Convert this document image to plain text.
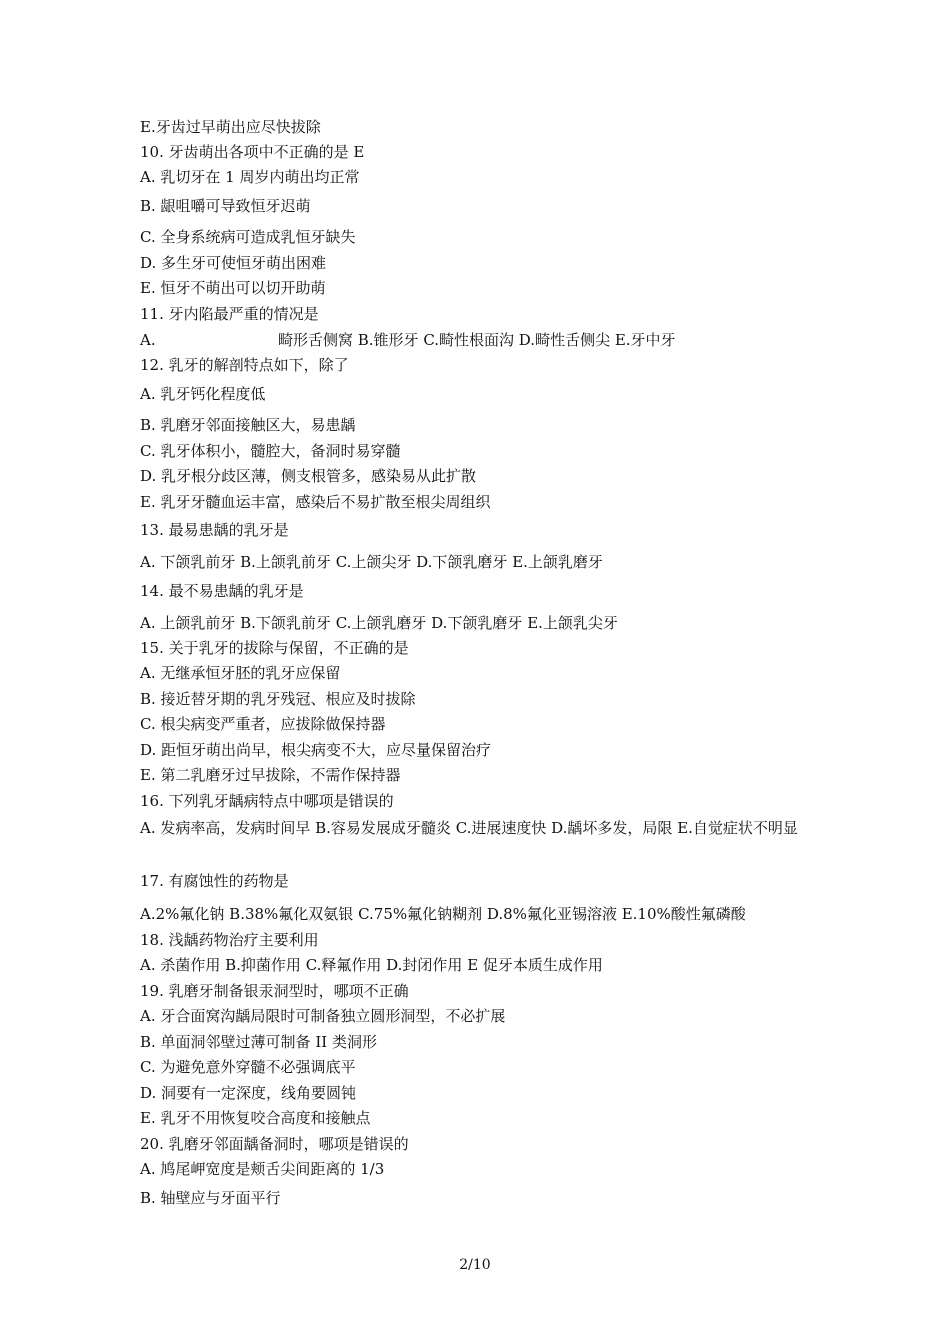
E.牙齿过早萌出应尽快拔除
10. 牙齿萌出各项中不正确的是 E
A. 乳切牙在 1 周岁内萌出均正常
B. 龈咀嚼可导致恒牙迟萌
C. 全身系统病可造成乳恒牙缺失
D. 多生牙可使恒牙萌出困难
E. 恒牙不萌出可以切开助萌
11. 牙内陷最严重的情况是
A.	畸形舌侧窝 B.锥形牙 C.畸性根面沟 D.畸性舌侧尖 E.牙中牙
12. 乳牙的解剖特点如下，除了
A. 乳牙钙化程度低
B. 乳磨牙邻面接触区大，易患龋
C. 乳牙体积小，髓腔大，备洞时易穿髓
D. 乳牙根分歧区薄，侧支根管多，感染易从此扩散
E. 乳牙牙髓血运丰富，感染后不易扩散至根尖周组织
13. 最易患龋的乳牙是
A. 下颌乳前牙 B.上颌乳前牙 C.上颌尖牙 D.下颌乳磨牙 E.上颌乳磨牙
14. 最不易患龋的乳牙是
A. 上颌乳前牙 B.下颌乳前牙 C.上颌乳磨牙 D.下颌乳磨牙 E.上颌乳尖牙
15. 关于乳牙的拔除与保留，不正确的是
A. 无继承恒牙胚的乳牙应保留
B. 接近替牙期的乳牙残冠、根应及时拔除
C. 根尖病变严重者，应拔除做保持器
D. 距恒牙萌出尚早，根尖病变不大，应尽量保留治疗
E. 第二乳磨牙过早拔除，不需作保持器
16. 下列乳牙龋病特点中哪项是错误的
A. 发病率高，发病时间早 B.容易发展成牙髓炎 C.进展速度快 D.龋坏多发，局限 E.自觉症状不明显
17. 有腐蚀性的药物是
A.2%氟化钠 B.38%氟化双氨银 C.75%氟化钠糊剂 D.8%氟化亚锡溶液 E.10%酸性氟磷酸
18. 浅龋药物治疗主要利用
A. 杀菌作用 B.抑菌作用 C.释氟作用 D.封闭作用 E 促牙本质生成作用
19. 乳磨牙制备银汞洞型时，哪项不正确
A. 牙合面窝沟龋局限时可制备独立圆形洞型，不必扩展
B. 单面洞邻壁过薄可制备 II 类洞形
C. 为避免意外穿髓不必强调底平
D. 洞要有一定深度，线角要圆钝
E. 乳牙不用恢复咬合高度和接触点
20. 乳磨牙邻面龋备洞时，哪项是错误的
A. 鸠尾岬宽度是颊舌尖间距离的 1/3
B. 轴壁应与牙面平行
2/10
